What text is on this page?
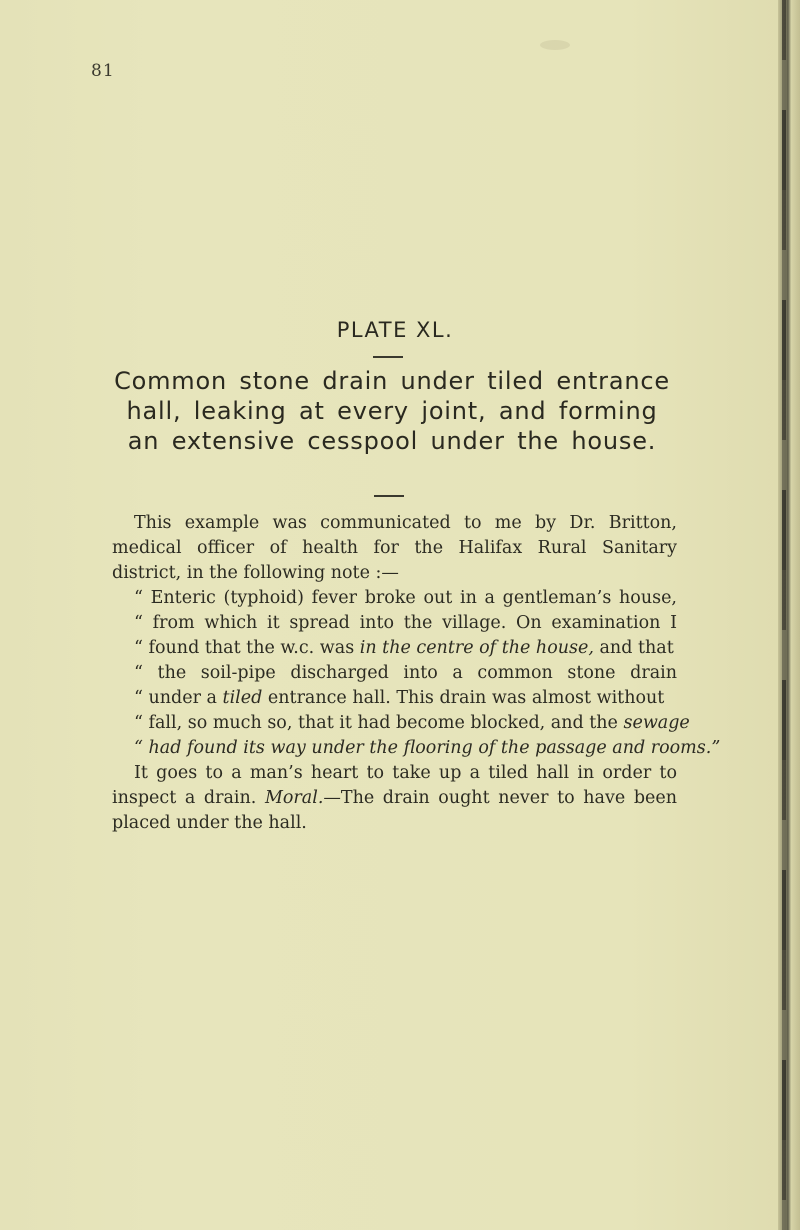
81
PLATE XL.
Common stone drain under tiled entrance hall, leaking at every joint, and forming an extensive cesspool under the house.
This example was communicated to me by Dr. Britton,
medical officer of health for the Halifax Rural Sanitary
district, in the following note :—
“ Enteric (typhoid) fever broke out in a gentleman’s house,
“ from which it spread into the village. On examination I
“ found that the w.c. was in the centre of the house, and that
“ the soil-pipe discharged into a common stone drain
“ under a tiled entrance hall. This drain was almost without
“ fall, so much so, that it had become blocked, and the sewage
“ had found its way under the flooring of the passage and rooms.”
It goes to a man’s heart to take up a tiled hall in order to
inspect a drain. Moral.—The drain ought never to have been
placed under the hall.
